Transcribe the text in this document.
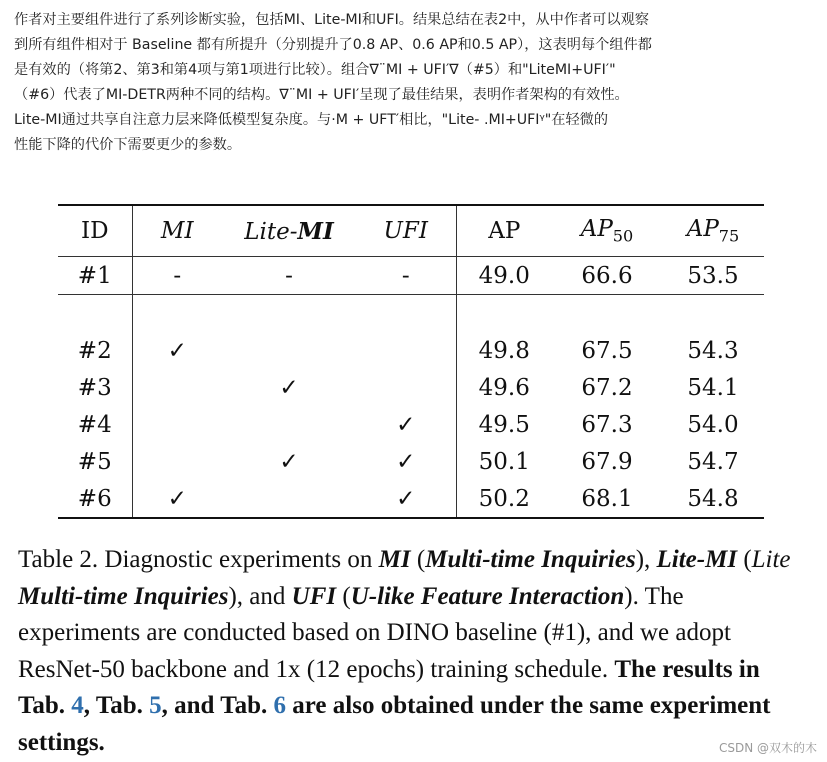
作者对主要组件进行了系列诊断实验，包括MI、Lite-MI和UFI。结果总结在表2中，从中作者可以观察
到所有组件相对于 Baseline 都有所提升（分别提升了0.8 AP、0.6 AP和0.5 AP），这表明每个组件都
是有效的（将第2、第3和第4项与第1项进行比较）。组合∇¨MI + UFI′∇（#5）和"LiteMI+UFI′"
（#6）代表了MI-DETR两种不同的结构。∇¨MI + UFI′呈现了最佳结果，表明作者架构的有效性。
Lite-MI通过共享自注意力层来降低模型复杂度。与·M + UFT′相比，"Lite- .MI+UFIᵞ"在轻微的
性能下降的代价下需要更少的参数。
ID	MI	Lite-MI	UFI	AP	$AP_{50}$	$AP_{75}$
#1	-	-	-	49.0	66.6	53.5

#2	✓			49.8	67.5	54.3
#3		✓		49.6	67.2	54.1
#4			✓	49.5	67.3	54.0
#5		✓	✓	50.1	67.9	54.7
#6	✓		✓	50.2	68.1	54.8
Table 2. Diagnostic experiments on MI (Multi-time Inquiries), Lite-MI (Lite Multi-time Inquiries), and UFI (U-like Feature Interaction). The experiments are conducted based on DINO baseline (#1), and we adopt ResNet-50 backbone and 1x (12 epochs) training schedule. The results in Tab. 4, Tab. 5, and Tab. 6 are also obtained under the same experiment settings.	CSDN @双木的木
